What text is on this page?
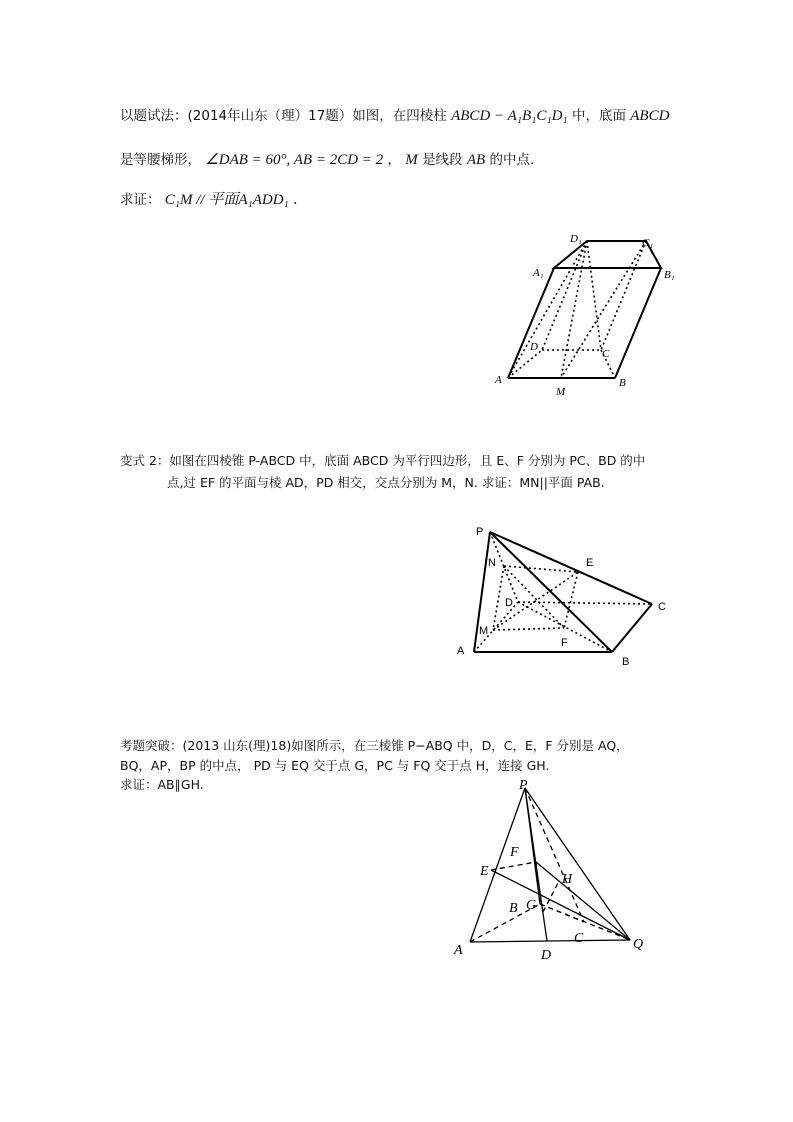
以题试法：(2014年山东（理）17题）如图，在四棱柱 ABCD − A₁B₁C₁D₁ 中，底面 ABCD
是等腰梯形， ∠DAB = 60°, AB = 2CD = 2 ， M 是线段 AB 的中点.
求证： C₁M // 平面A₁ADD₁ .
D₁	C₁
A₁	B₁
D
C
A	B
M
变式 2：如图在四棱锥 P-ABCD 中，底面 ABCD 为平行四边形，且 E、F 分别为 PC、BD 的中
点,过 EF 的平面与棱 AD，PD 相交，交点分别为 M，N. 求证：MN||平面 PAB.
P
N	E
D	C
M
F
A
B
考题突破：(2013 山东(理)18)如图所示，在三棱锥 P−ABQ 中，D，C，E，F 分别是 AQ，
BQ，AP，BP 的中点， PD 与 EQ 交于点 G，PC 与 FQ 交于点 H，连接 GH.
求证：AB∥GH.	P
F
E
H
B G
C
A	D
Q
